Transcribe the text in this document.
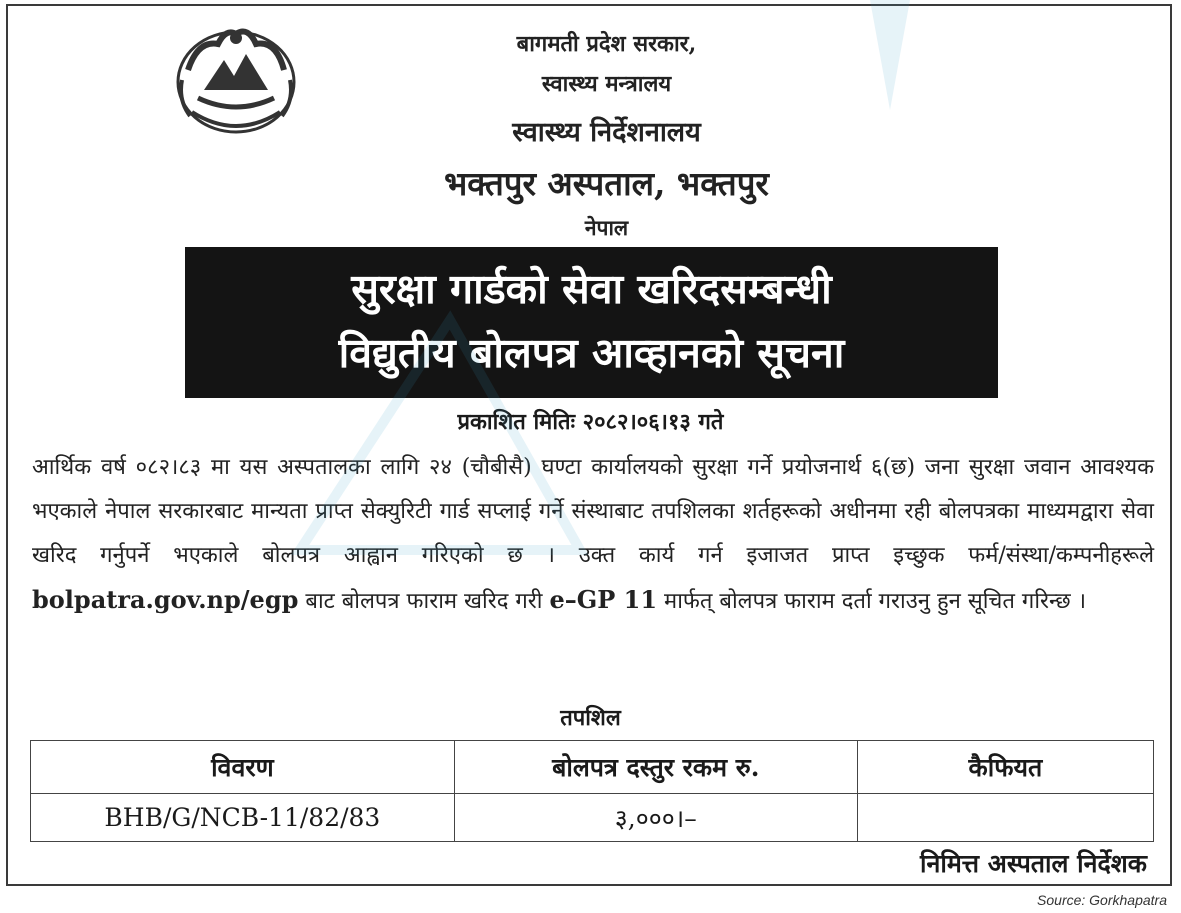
बागमती प्रदेश सरकार,
स्वास्थ्य मन्त्रालय
स्वास्थ्य निर्देशनालय
भक्तपुर अस्पताल, भक्तपुर
नेपाल
सुरक्षा गार्डको सेवा खरिदसम्बन्धी
विद्युतीय बोलपत्र आव्हानको सूचना
प्रकाशित मितिः २०८२।०६।१३ गते
आर्थिक वर्ष ०८२।८३ मा यस अस्पतालका लागि २४ (चौबीसै) घण्टा कार्यालयको सुरक्षा गर्ने प्रयोजनार्थ ६(छ) जना सुरक्षा जवान आवश्यक भएकाले नेपाल सरकारबाट मान्यता प्राप्त सेक्युरिटी गार्ड सप्लाई गर्ने संस्थाबाट तपशिलका शर्तहरूको अधीनमा रही बोलपत्रका माध्यमद्वारा सेवा खरिद गर्नुपर्ने भएकाले बोलपत्र आह्वान गरिएको छ । उक्त कार्य गर्न इजाजत प्राप्त इच्छुक फर्म/संस्था/कम्पनीहरूले bolpatra.gov.np/egp बाट बोलपत्र फाराम खरिद गरी e–GP 11 मार्फत् बोलपत्र फाराम दर्ता गराउनु हुन सूचित गरिन्छ ।
तपशिल
विवरण	बोलपत्र दस्तुर रकम रु.	कैफियत
BHB/G/NCB-11/82/83	३,०००।–	
निमित्त अस्पताल निर्देशक
Source: Gorkhapatra
